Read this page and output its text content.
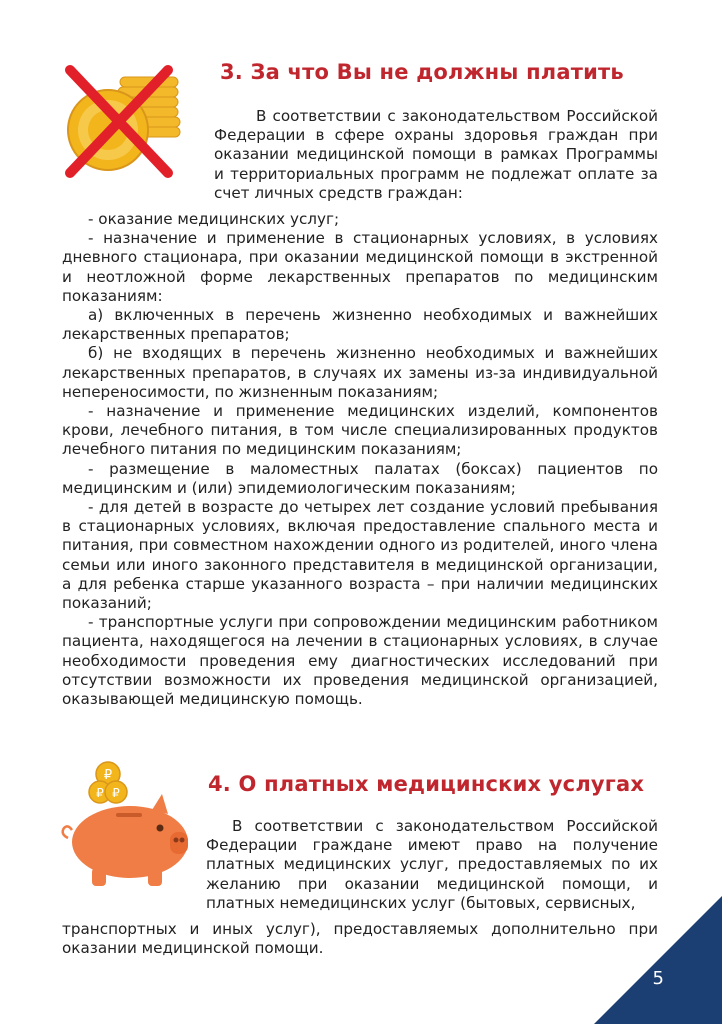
3. За что Вы не должны платить
В соответствии с законодательством Российской Федерации в сфере охраны здоровья граждан при оказании медицинской помощи в рамках Программы и территориальных программ не подлежат оплате за счет личных средств граждан:

- оказание медицинских услуг;

- назначение и применение в стационарных условиях, в условиях дневного стационара, при оказании медицинской помощи в экстренной и неотложной форме лекарственных препаратов по медицинским показаниям:

а) включенных в перечень жизненно необходимых и важнейших лекарственных препаратов;

б) не входящих в перечень жизненно необходимых и важнейших лекарственных препаратов, в случаях их замены из-за индивидуальной непереносимости, по жизненным показаниям;

- назначение и применение медицинских изделий, компонентов крови, лечебного питания, в том числе специализированных продуктов лечебного питания по медицинским показаниям;

- размещение в маломестных палатах (боксах) пациентов по медицинским и (или) эпидемиологическим показаниям;

- для детей в возрасте до четырех лет создание условий пребывания в стационарных условиях, включая предоставление спального места и питания, при совместном нахождении одного из родителей, иного члена семьи или иного законного представителя в медицинской организации, а для ребенка старше указанного возраста – при наличии медицинских показаний;

- транспортные услуги при сопровождении медицинским работником пациента, находящегося на лечении в стационарных условиях, в случае необходимости проведения ему диагностических исследований при отсутствии возможности их проведения медицинской организацией, оказывающей медицинскую помощь.

₽
₽ ₽	4. О платных медицинских услугах
В соответствии с законодательством Российской Федерации граждане имеют право на получение платных медицинских услуг, предоставляемых по их желанию при оказании медицинской помощи, и платных немедицинских услуг (бытовых, сервисных,
транспортных и иных услуг), предоставляемых дополнительно при оказании медицинской помощи.
5
